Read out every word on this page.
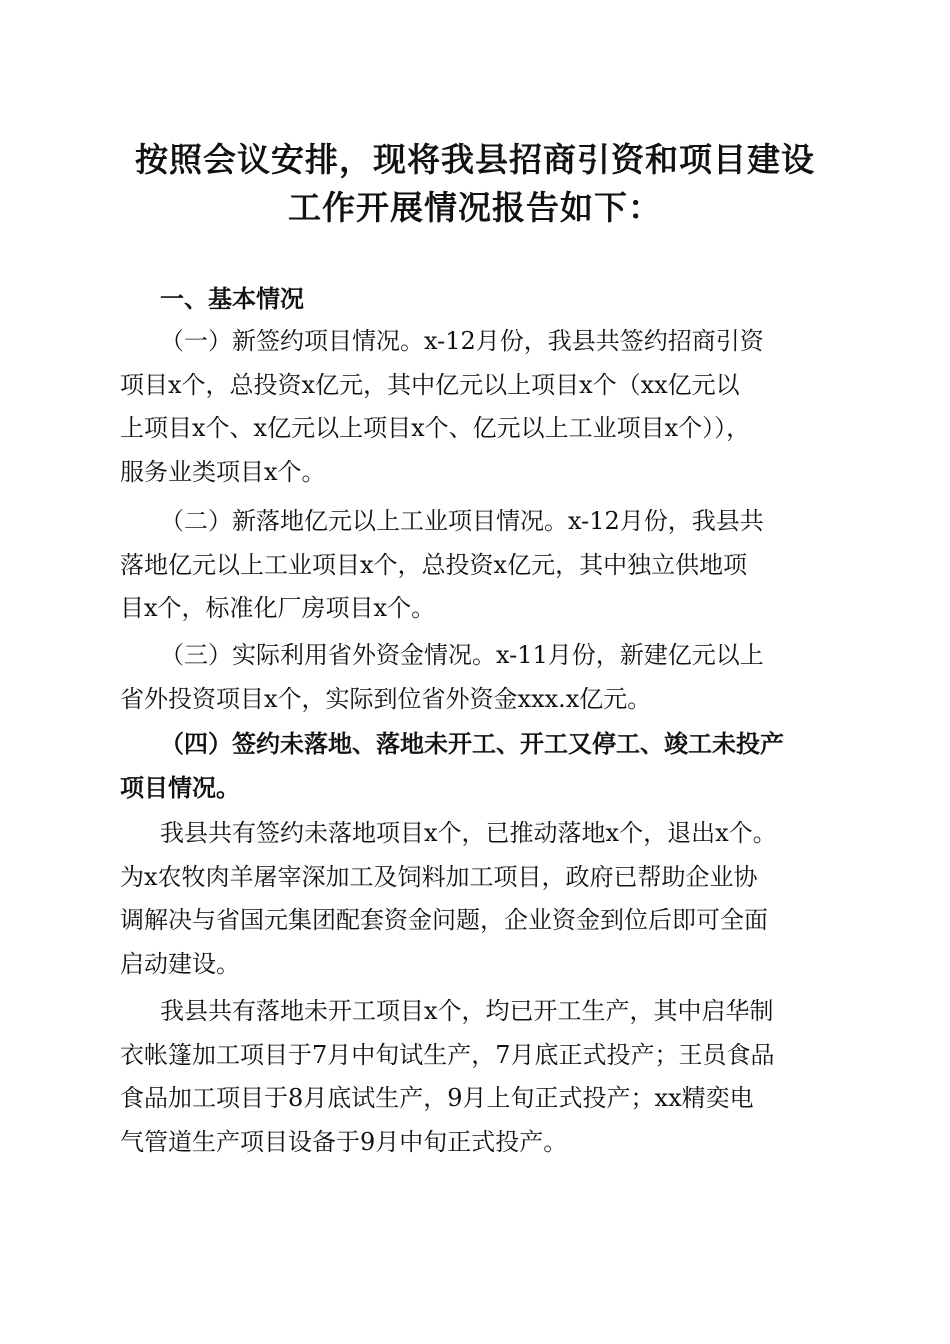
按照会议安排，现将我县招商引资和项目建设
工作开展情况报告如下：
一、基本情况
（一）新签约项目情况。x-12月份，我县共签约招商引资
项目x个，总投资x亿元，其中亿元以上项目x个（xx亿元以
上项目x个、x亿元以上项目x个、亿元以上工业项目x个）），
服务业类项目x个。
（二）新落地亿元以上工业项目情况。x-12月份，我县共
落地亿元以上工业项目x个，总投资x亿元，其中独立供地项
目x个，标准化厂房项目x个。
（三）实际利用省外资金情况。x-11月份，新建亿元以上
省外投资项目x个，实际到位省外资金xxx.x亿元。
（四）签约未落地、落地未开工、开工又停工、竣工未投产
项目情况。
我县共有签约未落地项目x个，已推动落地x个，退出x个。
为x农牧肉羊屠宰深加工及饲料加工项目，政府已帮助企业协
调解决与省国元集团配套资金问题，企业资金到位后即可全面
启动建设。
我县共有落地未开工项目x个，均已开工生产，其中启华制
衣帐篷加工项目于7月中旬试生产，7月底正式投产；王员食品
食品加工项目于8月底试生产，9月上旬正式投产；xx精奕电
气管道生产项目设备于9月中旬正式投产。
